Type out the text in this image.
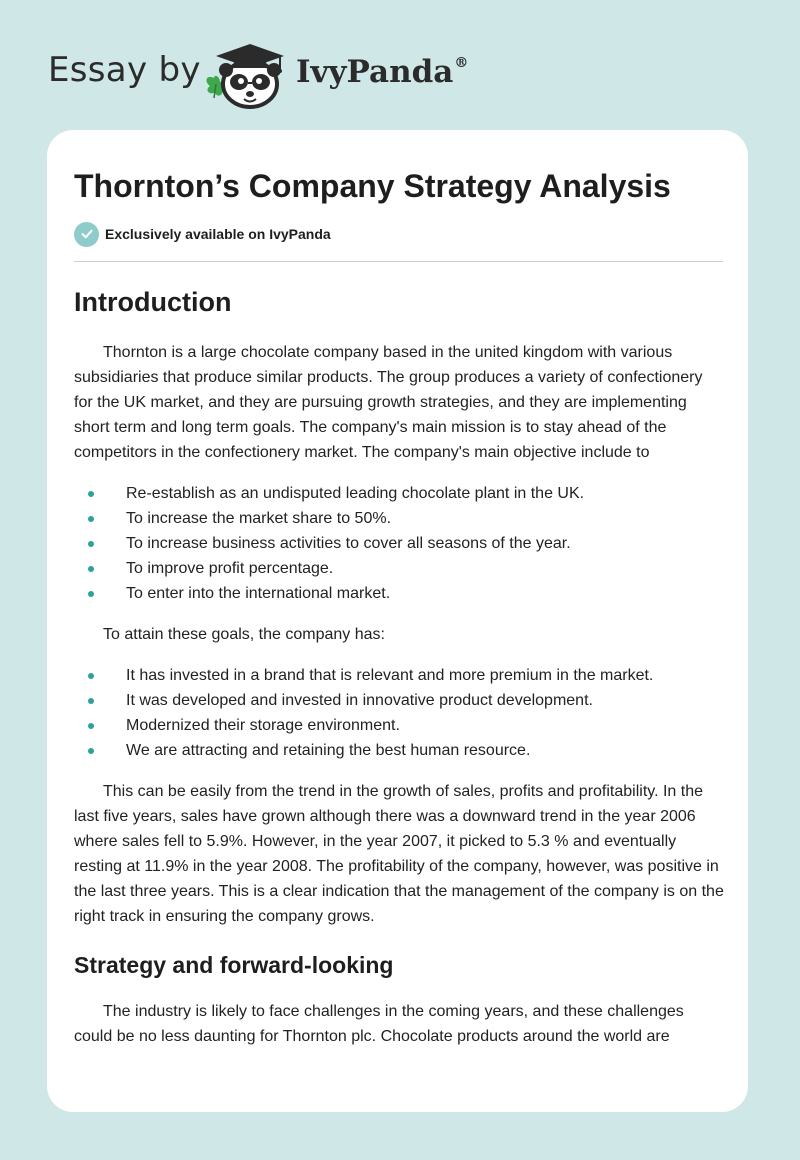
Essay by	IvyPanda®
Thornton’s Company Strategy Analysis
Exclusively available on IvyPanda
Introduction

Thornton is a large chocolate company based in the united kingdom with various subsidiaries that produce similar products. The group produces a variety of confectionery for the UK market, and they are pursuing growth strategies, and they are implementing short term and long term goals. The company's main mission is to stay ahead of the competitors in the confectionery market. The company's main objective include to

Re-establish as an undisputed leading chocolate plant in the UK.
To increase the market share to 50%.
To increase business activities to cover all seasons of the year.
To improve profit percentage.
To enter into the international market.

To attain these goals, the company has:

It has invested in a brand that is relevant and more premium in the market.
It was developed and invested in innovative product development.
Modernized their storage environment.
We are attracting and retaining the best human resource.

This can be easily from the trend in the growth of sales, profits and profitability. In the last five years, sales have grown although there was a downward trend in the year 2006 where sales fell to 5.9%. However, in the year 2007, it picked to 5.3 % and eventually resting at 11.9% in the year 2008. The profitability of the company, however, was positive in the last three years. This is a clear indication that the management of the company is on the right track in ensuring the company grows.

Strategy and forward-looking

The industry is likely to face challenges in the coming years, and these challenges could be no less daunting for Thornton plc. Chocolate products around the world are
